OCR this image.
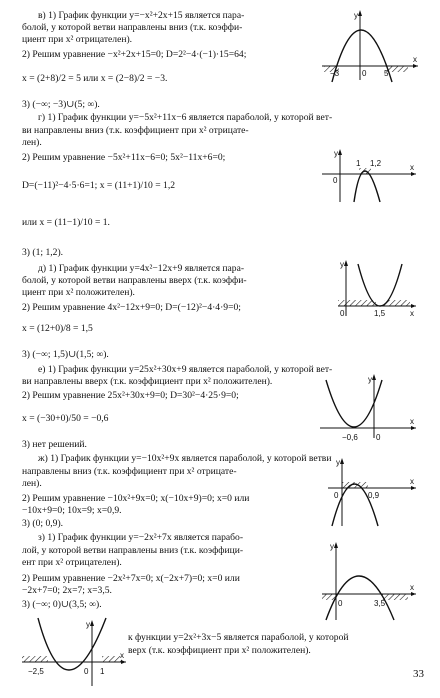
в) 1) График функции y=−x²+2x+15 является пара-
болой, у которой ветви направлены вниз (т.к. коэффи-
циент при x² отрицателен).
2) Решим уравнение −x²+2x+15=0; D=2²−4·(−1)·15=64;
x = (2+8)/2 = 5 или x = (2−8)/2 = −3.
3) (−∞; −3)∪(5; ∞).
г) 1) График функции y=−5x²+11x−6 является параболой, у которой вет-
ви направлены вниз (т.к. коэффициент при x² отрицате-
лен).
2) Решим уравнение −5x²+11x−6=0; 5x²−11x+6=0;
D=(−11)²−4·5·6=1; x = (11+1)/10 = 1,2
или x = (11−1)/10 = 1.
3) (1; 1,2).
д) 1) График функции y=4x²−12x+9 является пара-
болой, у которой ветви направлены вверх (т.к. коэффи-
циент при x² положителен).
2) Решим уравнение 4x²−12x+9=0; D=(−12)²−4·4·9=0;
x = (12+0)/8 = 1,5
3) (−∞; 1,5)∪(1,5; ∞).
е) 1) График функции y=25x²+30x+9 является параболой, у которой вет-
ви направлены вверх (т.к. коэффициент при x² положителен).
2) Решим уравнение 25x²+30x+9=0; D=30²−4·25·9=0;
x = (−30+0)/50 = −0,6
3) нет решений.
ж) 1) График функции y=−10x²+9x является параболой, у которой ветви
направлены вниз (т.к. коэффициент при x² отрицате-
лен).
2) Решим уравнение −10x²+9x=0; x(−10x+9)=0; x=0 или
−10x+9=0; 10x=9; x=0,9.
3) (0; 0,9).
з) 1) График функции y=−2x²+7x является парабо-
лой, у которой ветви направлены вниз (т.к. коэффици-
ент при x² отрицателен).
2) Решим уравнение −2x²+7x=0; x(−2x+7)=0; x=0 или
−2x+7=0; 2x=7; x=3,5.
3) (−∞; 0)∪(3,5; ∞).
к функции y=2x²+3x−5 является параболой, у которой
верх (т.к. коэффициент при x² положителен).
33
y
x
−3	0 5
y
x
0
1 1,2
y
x
0	1,5
y
x
−0,6 0
y
x
0	0,9
y
x
0	3,5
y
x
−2,5	0 1
